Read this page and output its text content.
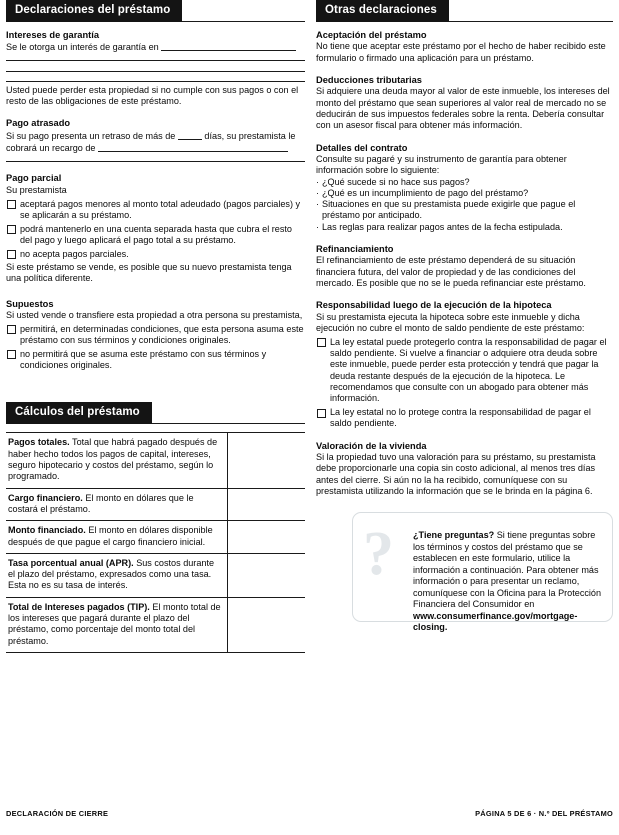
Declaraciones del préstamo
Intereses de garantía
Se le otorga un interés de garantía en
Usted puede perder esta propiedad si no cumple con sus pagos o con el resto de las obligaciones de este préstamo.
Pago atrasado
Si su pago presenta un retraso de más de	días, su prestamista le
cobrará un recargo de
Pago parcial
Su prestamista
aceptará pagos menores al monto total adeudado (pagos parciales) y se aplicarán a su préstamo.
podrá mantenerlo en una cuenta separada hasta que cubra el resto del pago y luego aplicará el pago total a su préstamo.
no acepta pagos parciales.
Si este préstamo se vende, es posible que su nuevo prestamista tenga una política diferente.
Supuestos
Si usted vende o transfiere esta propiedad a otra persona su prestamista,
permitirá, en determinadas condiciones, que esta persona asuma este préstamo con sus términos y condiciones originales.
no permitirá que se asuma este préstamo con sus términos y condiciones originales.
Cálculos del préstamo
Pagos totales. Total que habrá pagado después de haber hecho todos los pagos de capital, intereses, seguro hipotecario y costos del préstamo, según lo programado.
Cargo financiero. El monto en dólares que le costará el préstamo.
Monto financiado. El monto en dólares disponible después de que pague el cargo financiero inicial.
Tasa porcentual anual (APR). Sus costos durante el plazo del préstamo, expresados como una tasa. Esta no es su tasa de interés.
Total de Intereses pagados (TIP). El monto total de los intereses que pagará durante el plazo del préstamo, como porcentaje del monto total del préstamo.
Otras declaraciones
Aceptación del préstamo
No tiene que aceptar este préstamo por el hecho de haber recibido este formulario o firmado una aplicación para un préstamo.
Deducciones tributarias
Si adquiere una deuda mayor al valor de este inmueble, los intereses del monto del préstamo que sean superiores al valor real de mercado no se deducirán de sus impuestos federales sobre la renta. Debería consultar con un asesor fiscal para obtener más información.
Detalles del contrato
Consulte su pagaré y su instrumento de garantía para obtener información sobre lo siguiente:
· ¿Qué sucede si no hace sus pagos?
· ¿Qué es un incumplimiento de pago del préstamo?
· Situaciones en que su prestamista puede exigirle que pague el préstamo por anticipado.
· Las reglas para realizar pagos antes de la fecha estipulada.
Refinanciamiento
El refinanciamiento de este préstamo dependerá de su situación financiera futura, del valor de propiedad y de las condiciones del mercado. Es posible que no se le pueda refinanciar este préstamo.
Responsabilidad luego de la ejecución de la hipoteca
Si su prestamista ejecuta la hipoteca sobre este inmueble y dicha ejecución no cubre el monto de saldo pendiente de este préstamo:
La ley estatal puede protegerlo contra la responsabilidad de pagar el saldo pendiente. Si vuelve a financiar o adquiere otra deuda sobre este inmueble, puede perder esta protección y tendrá que pagar la deuda restante después de la ejecución de la hipoteca. Le recomendamos que consulte con un abogado para obtener más información.
La ley estatal no lo protege contra la responsabilidad de pagar el saldo pendiente.
Valoración de la vivienda
Si la propiedad tuvo una valoración para su préstamo, su prestamista debe proporcionarle una copia sin costo adicional, al menos tres días antes del cierre. Si aún no la ha recibido, comuníquese con su prestamista utilizando la información que se le brinda en la página 6.
? ¿Tiene preguntas? Si tiene preguntas sobre los términos y costos del préstamo que se establecen en este formulario, utilice la información a continuación. Para obtener más información o para presentar un reclamo, comuníquese con la Oficina para la Protección Financiera del Consumidor en www.consumerfinance.gov/mortgage-closing.
DECLARACIÓN DE CIERRE	PÁGINA 5 DE 6 · N.º DEL PRÉSTAMO
